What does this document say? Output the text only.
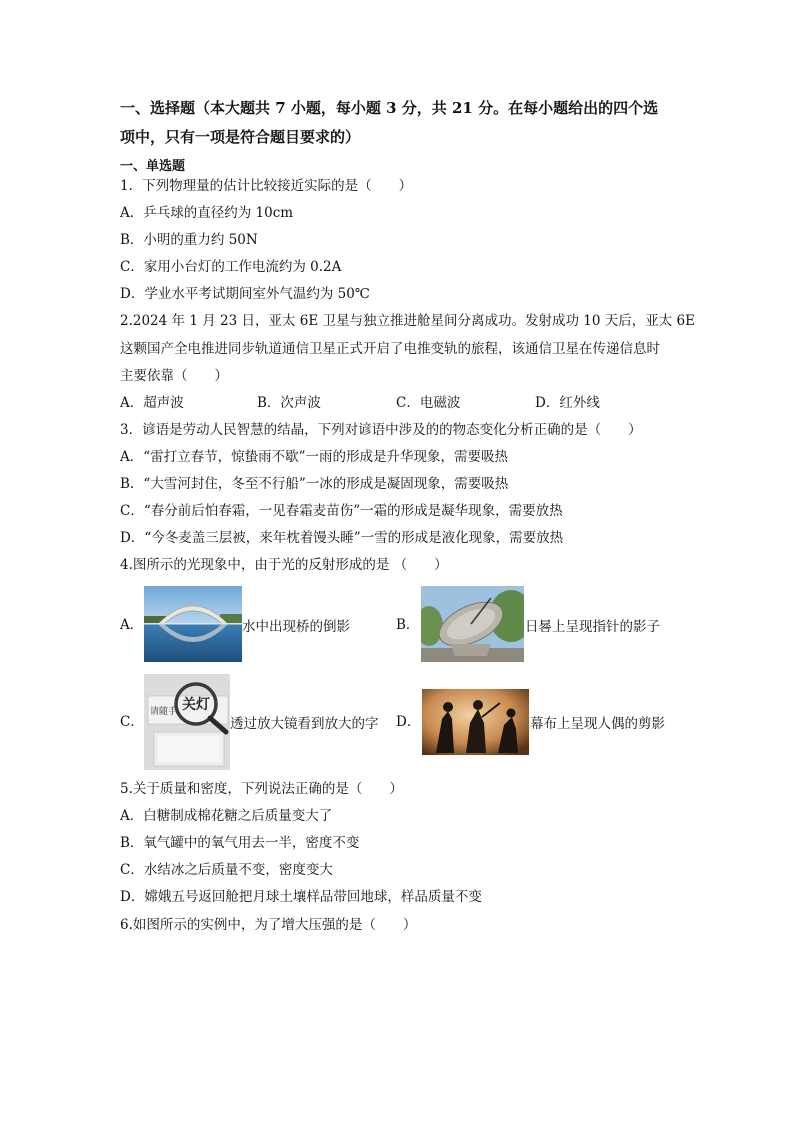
一、选择题（本大题共 7 小题，每小题 3 分，共 21 分。在每小题给出的四个选
项中，只有一项是符合题目要求的）
一、单选题
1．下列物理量的估计比较接近实际的是（　　）
A．乒乓球的直径约为 10cm
B．小明的重力约 50N
C．家用小台灯的工作电流约为 0.2A
D．学业水平考试期间室外气温约为 50℃
2.2024 年 1 月 23 日，亚太 6E 卫星与独立推进舱星间分离成功。发射成功 10 天后，亚太 6E
这颗国产全电推进同步轨道通信卫星正式开启了电推变轨的旅程，该通信卫星在传递信息时
主要依靠（　　）
A．超声波	B．次声波	C．电磁波	D．红外线
3．谚语是劳动人民智慧的结晶，下列对谚语中涉及的的物态变化分析正确的是（　　）
A．“雷打立春节，惊蛰雨不歇”一雨的形成是升华现象，需要吸热
B．“大雪河封住，冬至不行船”一冰的形成是凝固现象，需要吸热
C．“春分前后怕春霜，一见春霜麦苗伤”一霜的形成是凝华现象，需要放热
D．“今冬麦盖三层被，来年枕着馒头睡”一雪的形成是液化现象，需要放热
4.图所示的光现象中，由于光的反射形成的是 （　　）
A．	水中出现桥的倒影	B．	日晷上呈现指针的影子
C．
请随手 关灯
透过放大镜看到放大的字 D．	幕布上呈现人偶的剪影
5.关于质量和密度，下列说法正确的是（　　）
A．白糖制成棉花糖之后质量变大了
B．氧气罐中的氧气用去一半，密度不变
C．水结冰之后质量不变，密度变大
D．嫦娥五号返回舱把月球土壤样品带回地球，样品质量不变
6.如图所示的实例中，为了增大压强的是（　　）
